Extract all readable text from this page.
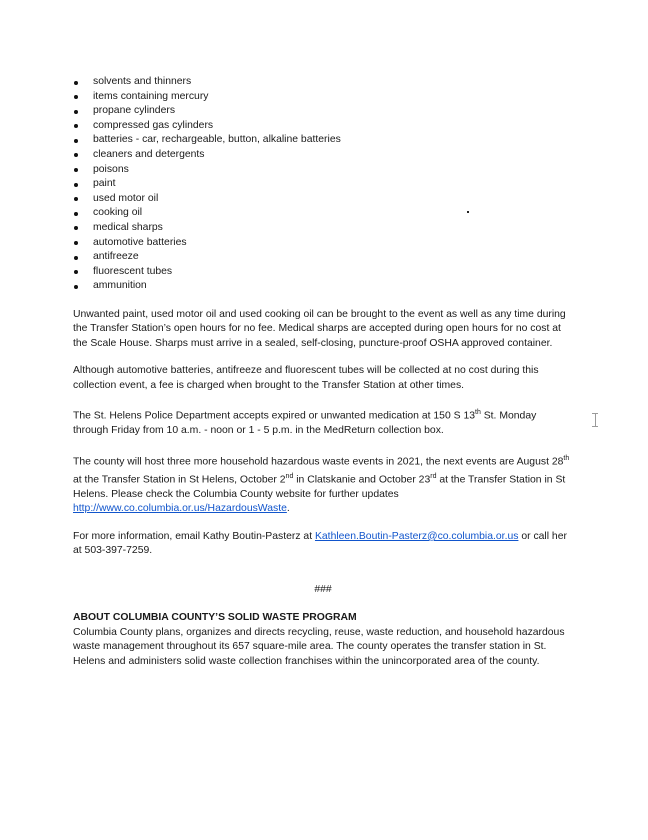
solvents and thinners
items containing mercury
propane cylinders
compressed gas cylinders
batteries - car, rechargeable, button, alkaline batteries
cleaners and detergents
poisons
paint
used motor oil
cooking oil
medical sharps
automotive batteries
antifreeze
fluorescent tubes
ammunition

Unwanted paint, used motor oil and used cooking oil can be brought to the event as well as any time during the Transfer Station’s open hours for no fee. Medical sharps are accepted during open hours for no cost at the Scale House. Sharps must arrive in a sealed, self-closing, puncture-proof OSHA approved container.

Although automotive batteries, antifreeze and fluorescent tubes will be collected at no cost during this collection event, a fee is charged when brought to the Transfer Station at other times.

The St. Helens Police Department accepts expired or unwanted medication at 150 S 13th St. Monday through Friday from 10 a.m. - noon or 1 - 5 p.m. in the MedReturn collection box.

The county will host three more household hazardous waste events in 2021, the next events are August 28th at the Transfer Station in St Helens, October 2nd in Clatskanie and October 23rd at the Transfer Station in St Helens. Please check the Columbia County website for further updates http://www.co.columbia.or.us/HazardousWaste.

For more information, email Kathy Boutin-Pasterz at Kathleen.Boutin-Pasterz@co.columbia.or.us or call her at 503-397-7259.

###

ABOUT COLUMBIA COUNTY’S SOLID WASTE PROGRAM

Columbia County plans, organizes and directs recycling, reuse, waste reduction, and household hazardous waste management throughout its 657 square-mile area. The county operates the transfer station in St. Helens and administers solid waste collection franchises within the unincorporated area of the county.
